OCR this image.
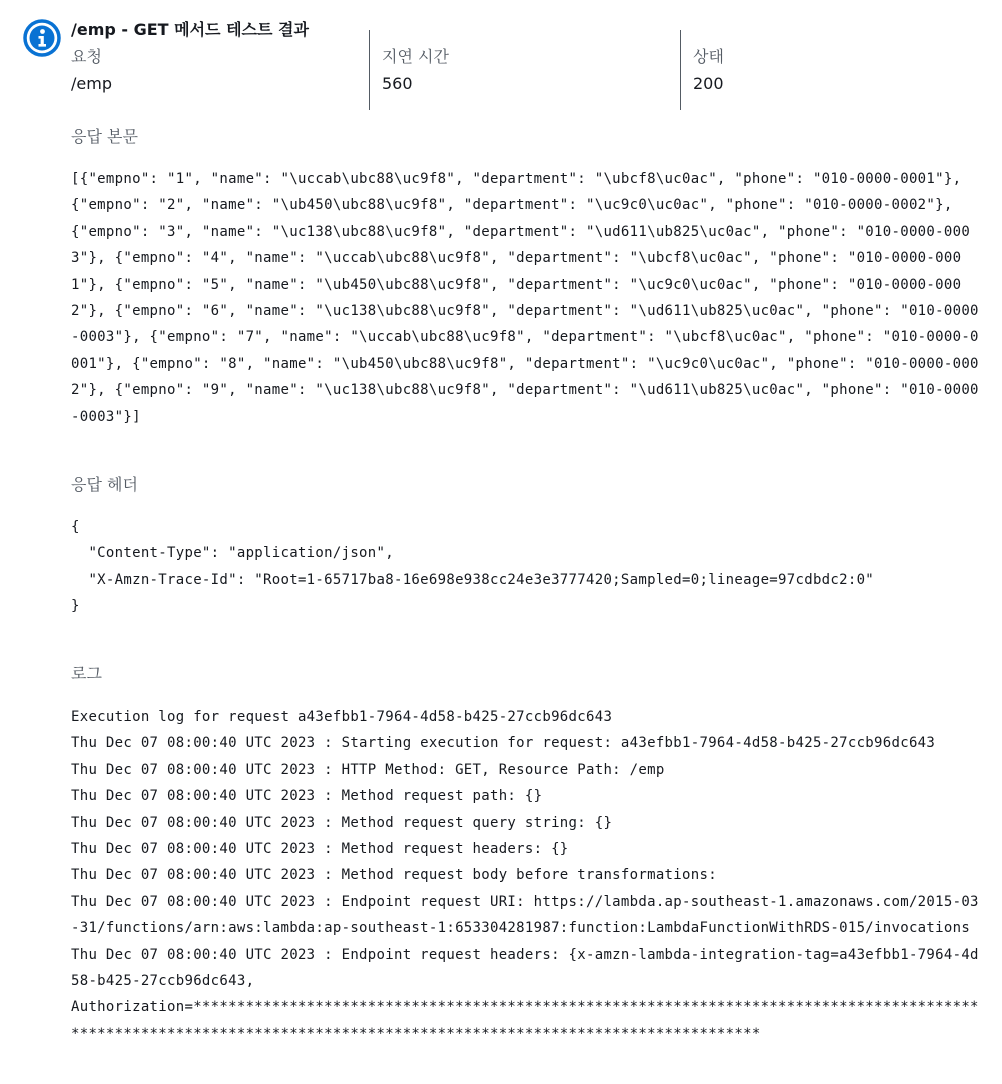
/emp - GET 메서드 테스트 결과
요청
/emp
지연 시간
560
상태
200
응답 본문
[{"empno": "1", "name": "\uccab\ubc88\uc9f8", "department": "\ubcf8\uc0ac", "phone": "010-0000-0001"}, {"empno": "2", "name": "\ub450\ubc88\uc9f8", "department": "\uc9c0\uc0ac", "phone": "010-0000-0002"}, {"empno": "3", "name": "\uc138\ubc88\uc9f8", "department": "\ud611\ub825\uc0ac", "phone": "010-0000-0003"}, {"empno": "4", "name": "\uccab\ubc88\uc9f8", "department": "\ubcf8\uc0ac", "phone": "010-0000-0001"}, {"empno": "5", "name": "\ub450\ubc88\uc9f8", "department": "\uc9c0\uc0ac", "phone": "010-0000-0002"}, {"empno": "6", "name": "\uc138\ubc88\uc9f8", "department": "\ud611\ub825\uc0ac", "phone": "010-0000-0003"}, {"empno": "7", "name": "\uccab\ubc88\uc9f8", "department": "\ubcf8\uc0ac", "phone": "010-0000-0001"}, {"empno": "8", "name": "\ub450\ubc88\uc9f8", "department": "\uc9c0\uc0ac", "phone": "010-0000-0002"}, {"empno": "9", "name": "\uc138\ubc88\uc9f8", "department": "\ud611\ub825\uc0ac", "phone": "010-0000-0003"}]
응답 헤더
{
"Content-Type": "application/json",
"X-Amzn-Trace-Id": "Root=1-65717ba8-16e698e938cc24e3e3777420;Sampled=0;lineage=97cdbdc2:0"
}
로그
Execution log for request a43efbb1-7964-4d58-b425-27ccb96dc643
Thu Dec 07 08:00:40 UTC 2023 : Starting execution for request: a43efbb1-7964-4d58-b425-27ccb96dc643
Thu Dec 07 08:00:40 UTC 2023 : HTTP Method: GET, Resource Path: /emp
Thu Dec 07 08:00:40 UTC 2023 : Method request path: {}
Thu Dec 07 08:00:40 UTC 2023 : Method request query string: {}
Thu Dec 07 08:00:40 UTC 2023 : Method request headers: {}
Thu Dec 07 08:00:40 UTC 2023 : Method request body before transformations:
Thu Dec 07 08:00:40 UTC 2023 : Endpoint request URI: https://lambda.ap-southeast-1.amazonaws.com/2015-03-31/functions/arn:aws:lambda:ap-southeast-1:653304281987:function:LambdaFunctionWithRDS-015/invocations
Thu Dec 07 08:00:40 UTC 2023 : Endpoint request headers: {x-amzn-lambda-integration-tag=a43efbb1-7964-4d58-b425-27ccb96dc643,
Authorization=*************************************************************************************************************************************************************************
